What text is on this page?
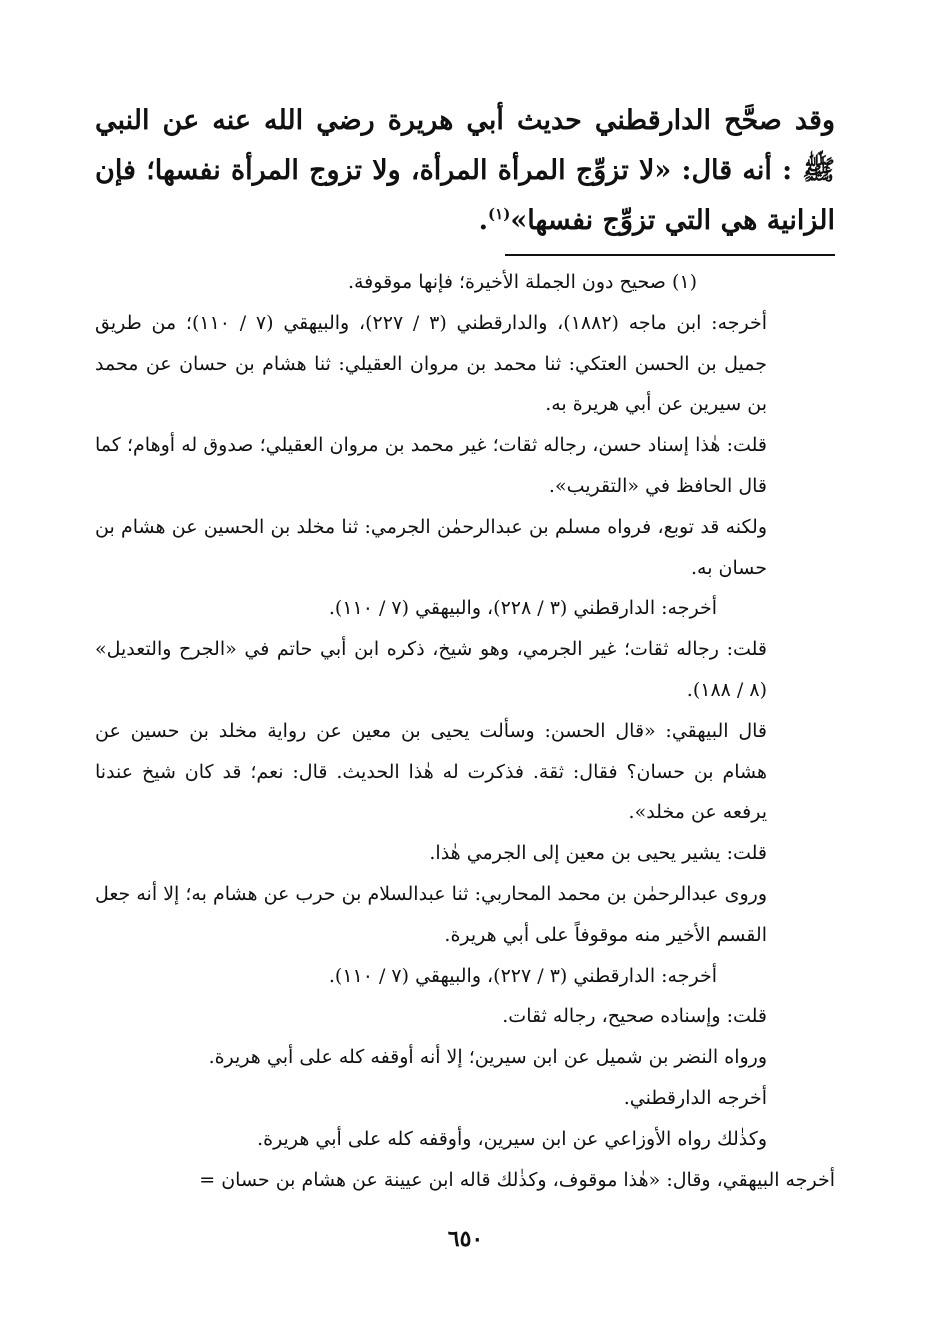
وقد صحَّح الدارقطني حديث أبي هريرة رضي الله عنه عن النبي ﷺ : أنه قال: «لا تزوِّج المرأة المرأة، ولا تزوج المرأة نفسها؛ فإن الزانية هي التي تزوِّج نفسها»$^{(١)}$.

(١) صحيح دون الجملة الأخيرة؛ فإنها موقوفة.

أخرجه: ابن ماجه (١٨٨٢)، والدارقطني (٣ / ٢٢٧)، والبيهقي (٧ / ١١٠)؛ من طريق جميل بن الحسن العتكي: ثنا محمد بن مروان العقيلي: ثنا هشام بن حسان عن محمد بن سيرين عن أبي هريرة به.

قلت: هٰذا إسناد حسن، رجاله ثقات؛ غير محمد بن مروان العقيلي؛ صدوق له أوهام؛ كما قال الحافظ في «التقريب».

ولكنه قد توبع، فرواه مسلم بن عبدالرحمٰن الجرمي: ثنا مخلد بن الحسين عن هشام بن حسان به.

أخرجه: الدارقطني (٣ / ٢٢٨)، والبيهقي (٧ / ١١٠).

قلت: رجاله ثقات؛ غير الجرمي، وهو شيخ، ذكره ابن أبي حاتم في «الجرح والتعديل» (٨ / ١٨٨).

قال البيهقي: «قال الحسن: وسألت يحيى بن معين عن رواية مخلد بن حسين عن هشام بن حسان؟ فقال: ثقة. فذكرت له هٰذا الحديث. قال: نعم؛ قد كان شيخ عندنا يرفعه عن مخلد».

قلت: يشير يحيى بن معين إلى الجرمي هٰذا.

وروى عبدالرحمٰن بن محمد المحاربي: ثنا عبدالسلام بن حرب عن هشام به؛ إلا أنه جعل القسم الأخير منه موقوفاً على أبي هريرة.

أخرجه: الدارقطني (٣ / ٢٢٧)، والبيهقي (٧ / ١١٠).

قلت: وإسناده صحيح، رجاله ثقات.

ورواه النضر بن شميل عن ابن سيرين؛ إلا أنه أوقفه كله على أبي هريرة.

أخرجه الدارقطني.

وكذٰلك رواه الأوزاعي عن ابن سيرين، وأوقفه كله على أبي هريرة.

أخرجه البيهقي، وقال: «هٰذا موقوف، وكذٰلك قاله ابن عيينة عن هشام بن حسان =

٦٥٠
